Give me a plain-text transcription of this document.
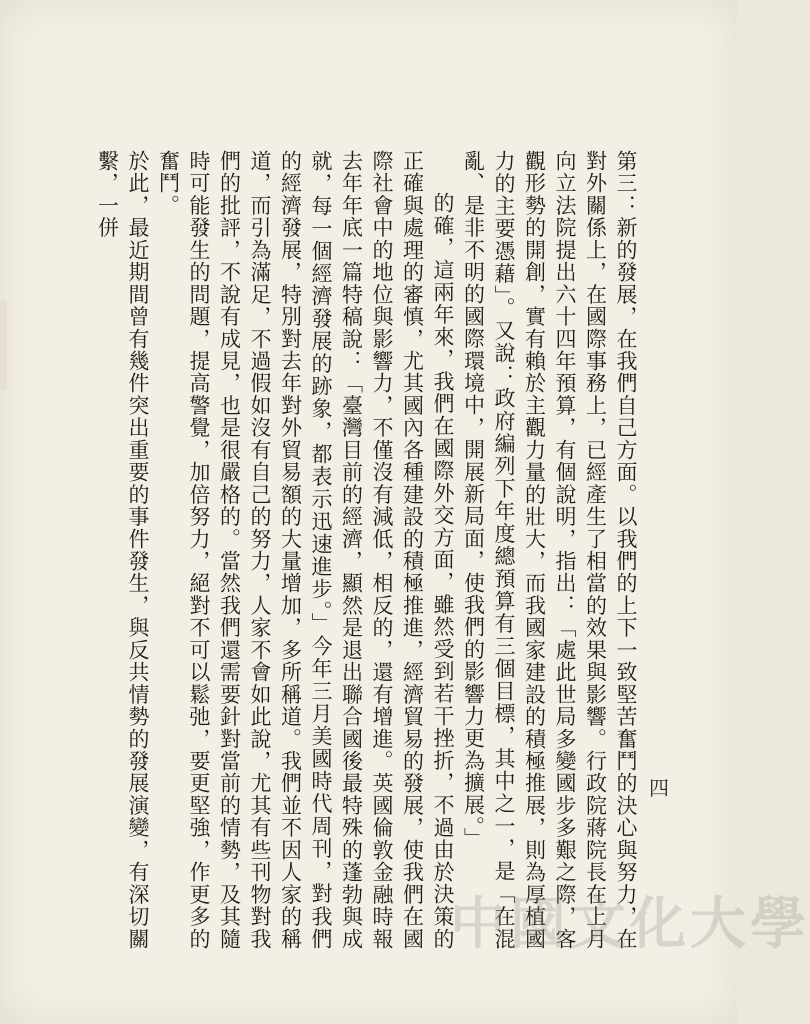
第三：新的發展，在我們自己方面。以我們的上下一致堅苦奮鬥的決心與努力，在對外關係上，在國際事務上，已經產生了相當的效果與影響。行政院蔣院長在上月向立法院提出六十四年預算，有個說明，指出：「處此世局多變國步多艱之際，客觀形勢的開創，實有賴於主觀力量的壯大，而我國家建設的積極推展，則為厚植國力的主要憑藉」。又說：政府編列下年度總預算有三個目標，其中之一，是「在混亂、是非不明的國際環境中，開展新局面，使我們的影響力更為擴展。」

的確，這兩年來，我們在國際外交方面，雖然受到若干挫折，不過由於決策的正確與處理的審慎，尤其國內各種建設的積極推進，經濟貿易的發展，使我們在國際社會中的地位與影響力，不僅沒有減低，相反的，還有增進。英國倫敦金融時報去年年底一篇特稿說：「臺灣目前的經濟，顯然是退出聯合國後最特殊的蓬勃與成就，每一個經濟發展的跡象，都表示迅速進步。」今年三月美國時代周刊，對我們的經濟發展，特別對去年對外貿易額的大量增加，多所稱道。我們並不因人家的稱道，而引為滿足，不過假如沒有自己的努力，人家不會如此說，尤其有些刊物對我們的批評，不說有成見，也是很嚴格的。當然我們還需要針對當前的情勢，及其隨時可能發生的問題，提高警覺，加倍努力，絕對不可以鬆弛，要更堅強，作更多的奮鬥。

於此，最近期間曾有幾件突出重要的事件發生，與反共情勢的發展演變，有深切關繫，一併

四
中國文化大學
